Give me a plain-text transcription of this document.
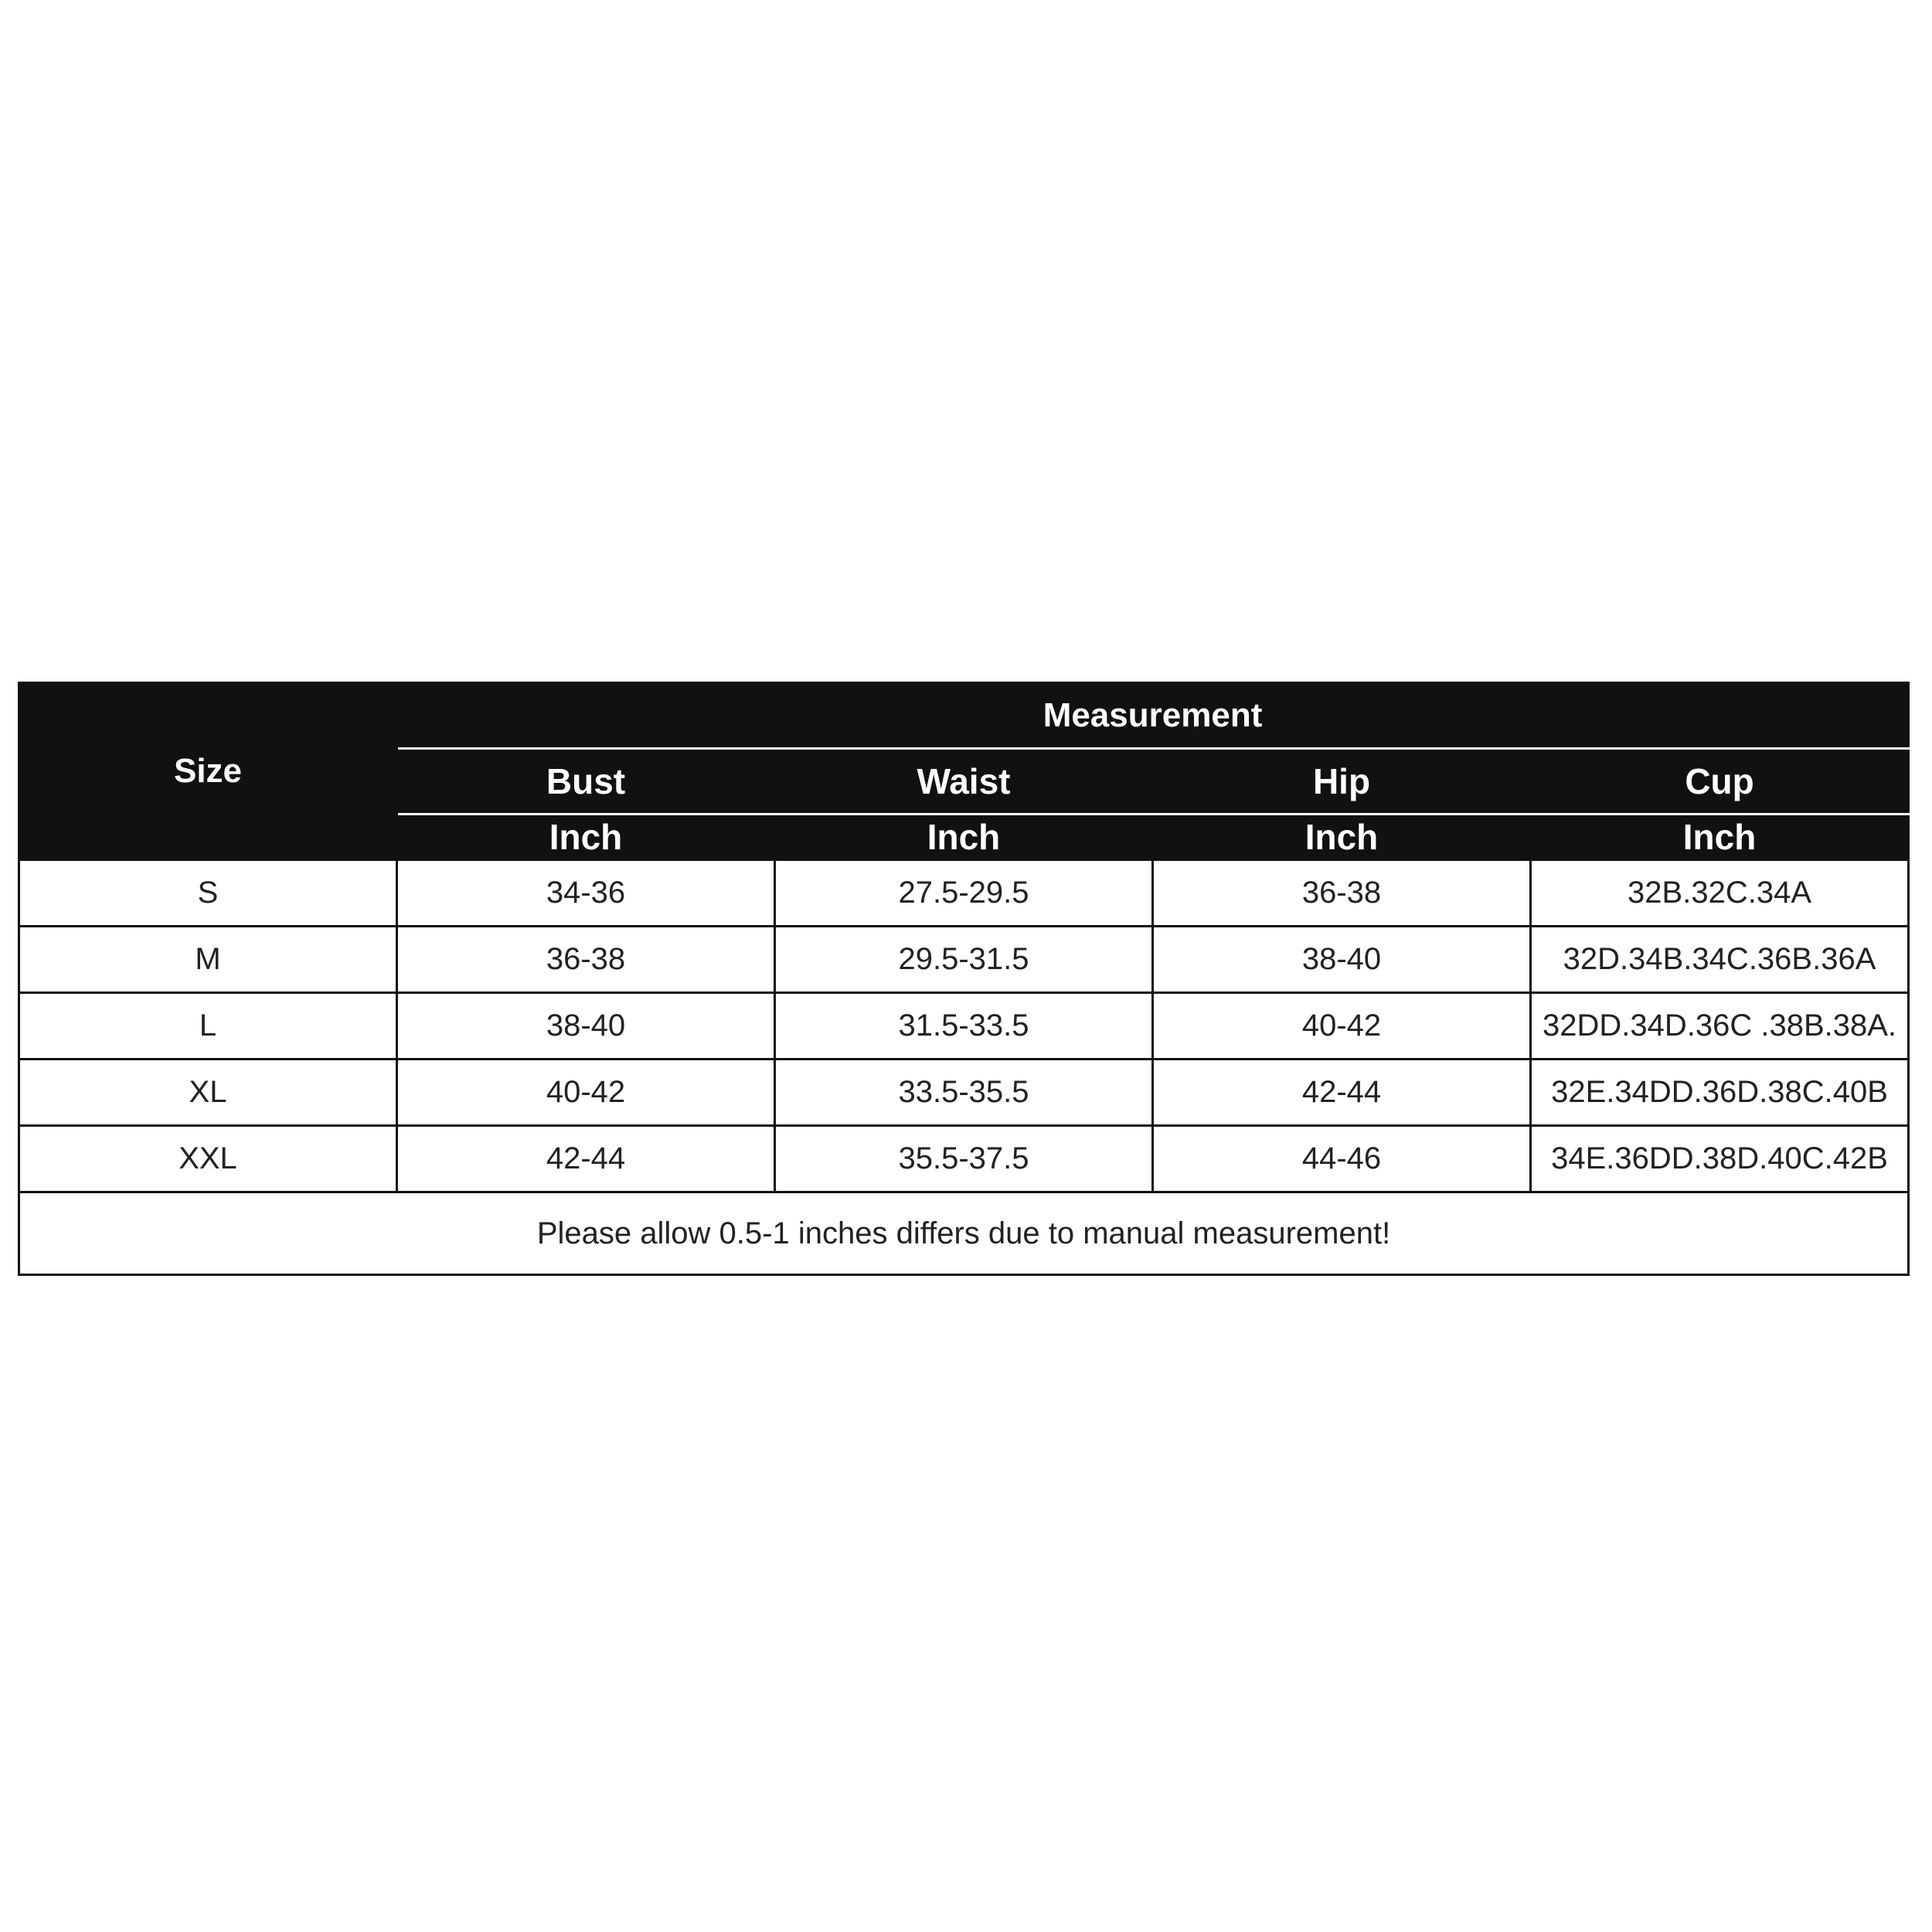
Size	Measurement			
	Bust	Waist	Hip	Cup
	Inch	Inch	Inch	Inch
S	34-36	27.5-29.5	36-38	32B.32C.34A
M	36-38	29.5-31.5	38-40	32D.34B.34C.36B.36A
L	38-40	31.5-33.5	40-42	32DD.34D.36C .38B.38A.
XL	40-42	33.5-35.5	42-44	32E.34DD.36D.38C.40B
XXL	42-44	35.5-37.5	44-46	34E.36DD.38D.40C.42B
Please allow 0.5-1 inches differs due to manual measurement!				
